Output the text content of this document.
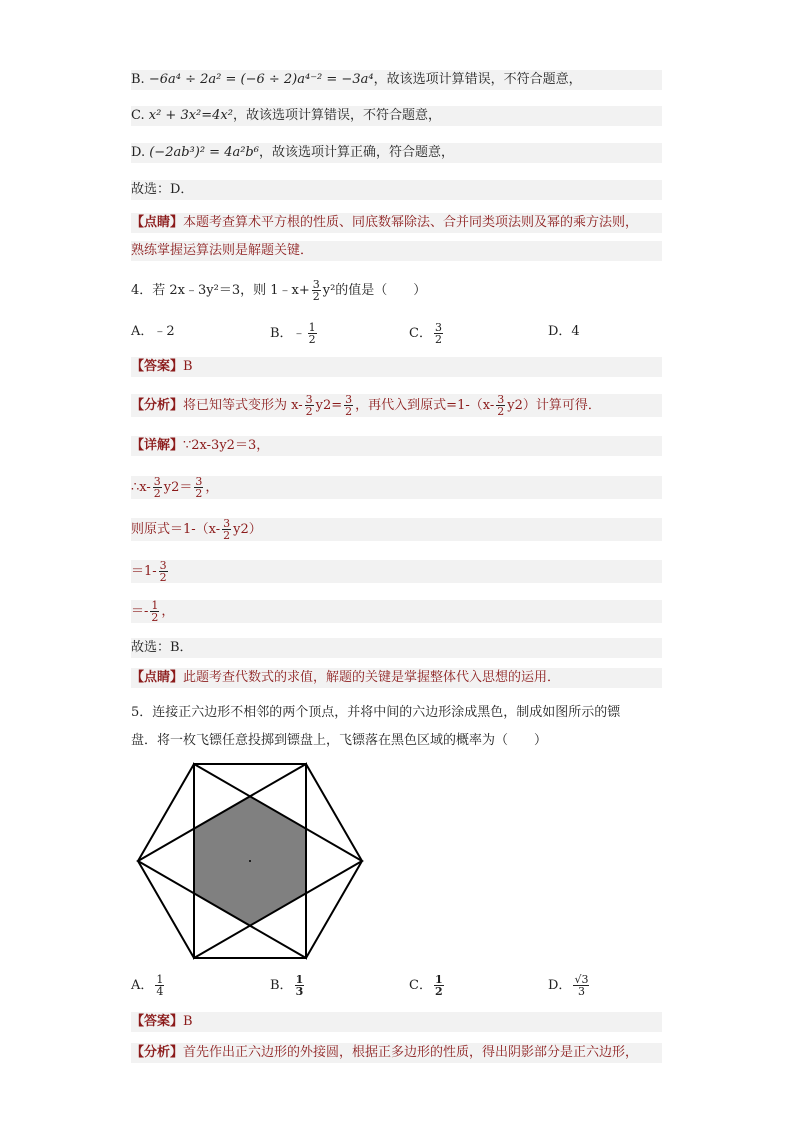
B. −6a⁴ ÷ 2a² = (−6 ÷ 2)a⁴⁻² = −3a⁴，故该选项计算错误，不符合题意，
C. x² + 3x²=4x²，故该选项计算错误，不符合题意，
D. (−2ab³)² = 4a²b⁶，故该选项计算正确，符合题意，
故选：D．
【点睛】本题考查算术平方根的性质、同底数幂除法、合并同类项法则及幂的乘方法则，
熟练掌握运算法则是解题关键．
4．若 2x﹣3y²＝3，则 1﹣x+ $\frac{3}{2} y^2$的值是（　　）
A．﹣2	B．﹣ $\frac{1}{2}$	C． $\frac{3}{2}$	D．4
【答案】B
【分析】将已知等式变形为 $x- \frac{3}{2} y2= \frac{3}{2}$ ，再代入到原式$=1-(x- \frac{3}{2} y2)$计算可得．
【详解】∵2x-3y2＝3，
∴x- $\frac{3}{2} y2= \frac{3}{2}$ ，
则原式$=1-(x- \frac{3}{2} y2)$
$=1- \frac{3}{2}$
＝- $\frac{1}{2}$ ，
故选：B．
【点睛】此题考查代数式的求值，解题的关键是掌握整体代入思想的运用．
5．连接正六边形不相邻的两个顶点，并将中间的六边形涂成黑色，制成如图所示的镖
盘．将一枚飞镖任意投掷到镖盘上，飞镖落在黑色区域的概率为（　　）
A． $\frac{1}{4}$	B． $\frac{1}{3}$	C． $\frac{1}{2}$	D． $\frac{√3}{3}$
【答案】B
【分析】首先作出正六边形的外接圆，根据正多边形的性质，得出阴影部分是正六边形，
